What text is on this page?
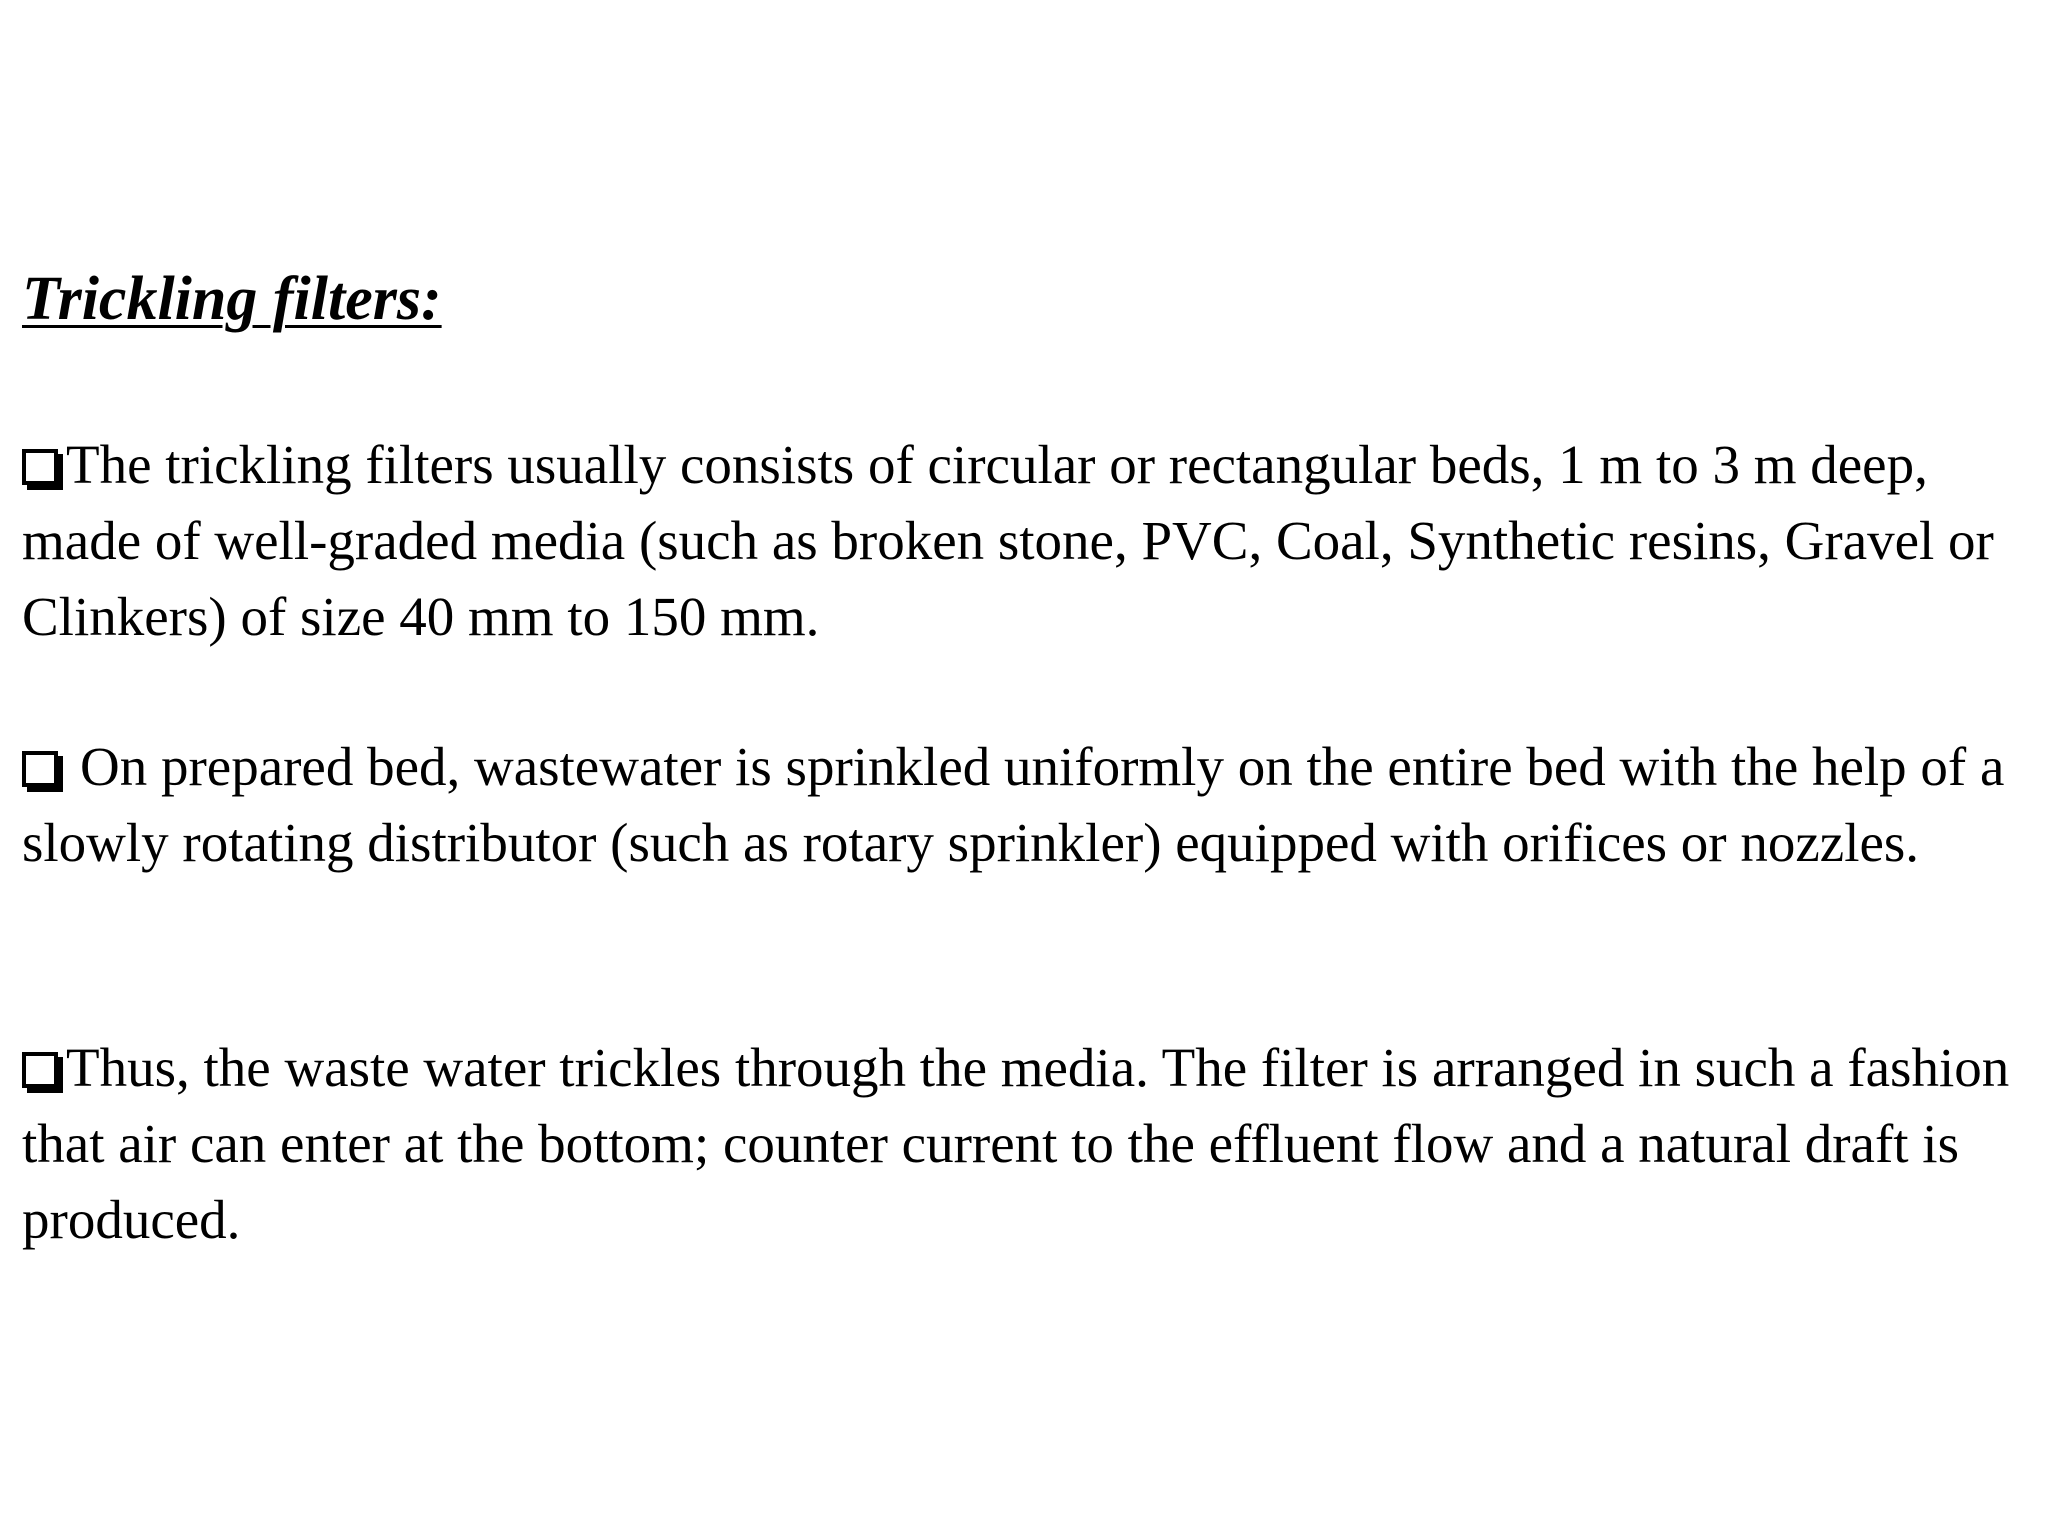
Trickling filters:

The trickling filters usually consists of circular or rectangular beds, 1 m to 3 m deep, made of well-graded media (such as broken stone, PVC, Coal, Synthetic resins, Gravel or Clinkers) of size 40 mm to 150 mm.

On prepared bed, wastewater is sprinkled uniformly on the entire bed with the help of a slowly rotating distributor (such as rotary sprinkler) equipped with orifices or nozzles.

Thus, the waste water trickles through the media. The filter is arranged in such a fashion that air can enter at the bottom; counter current to the effluent flow and a natural draft is produced.
